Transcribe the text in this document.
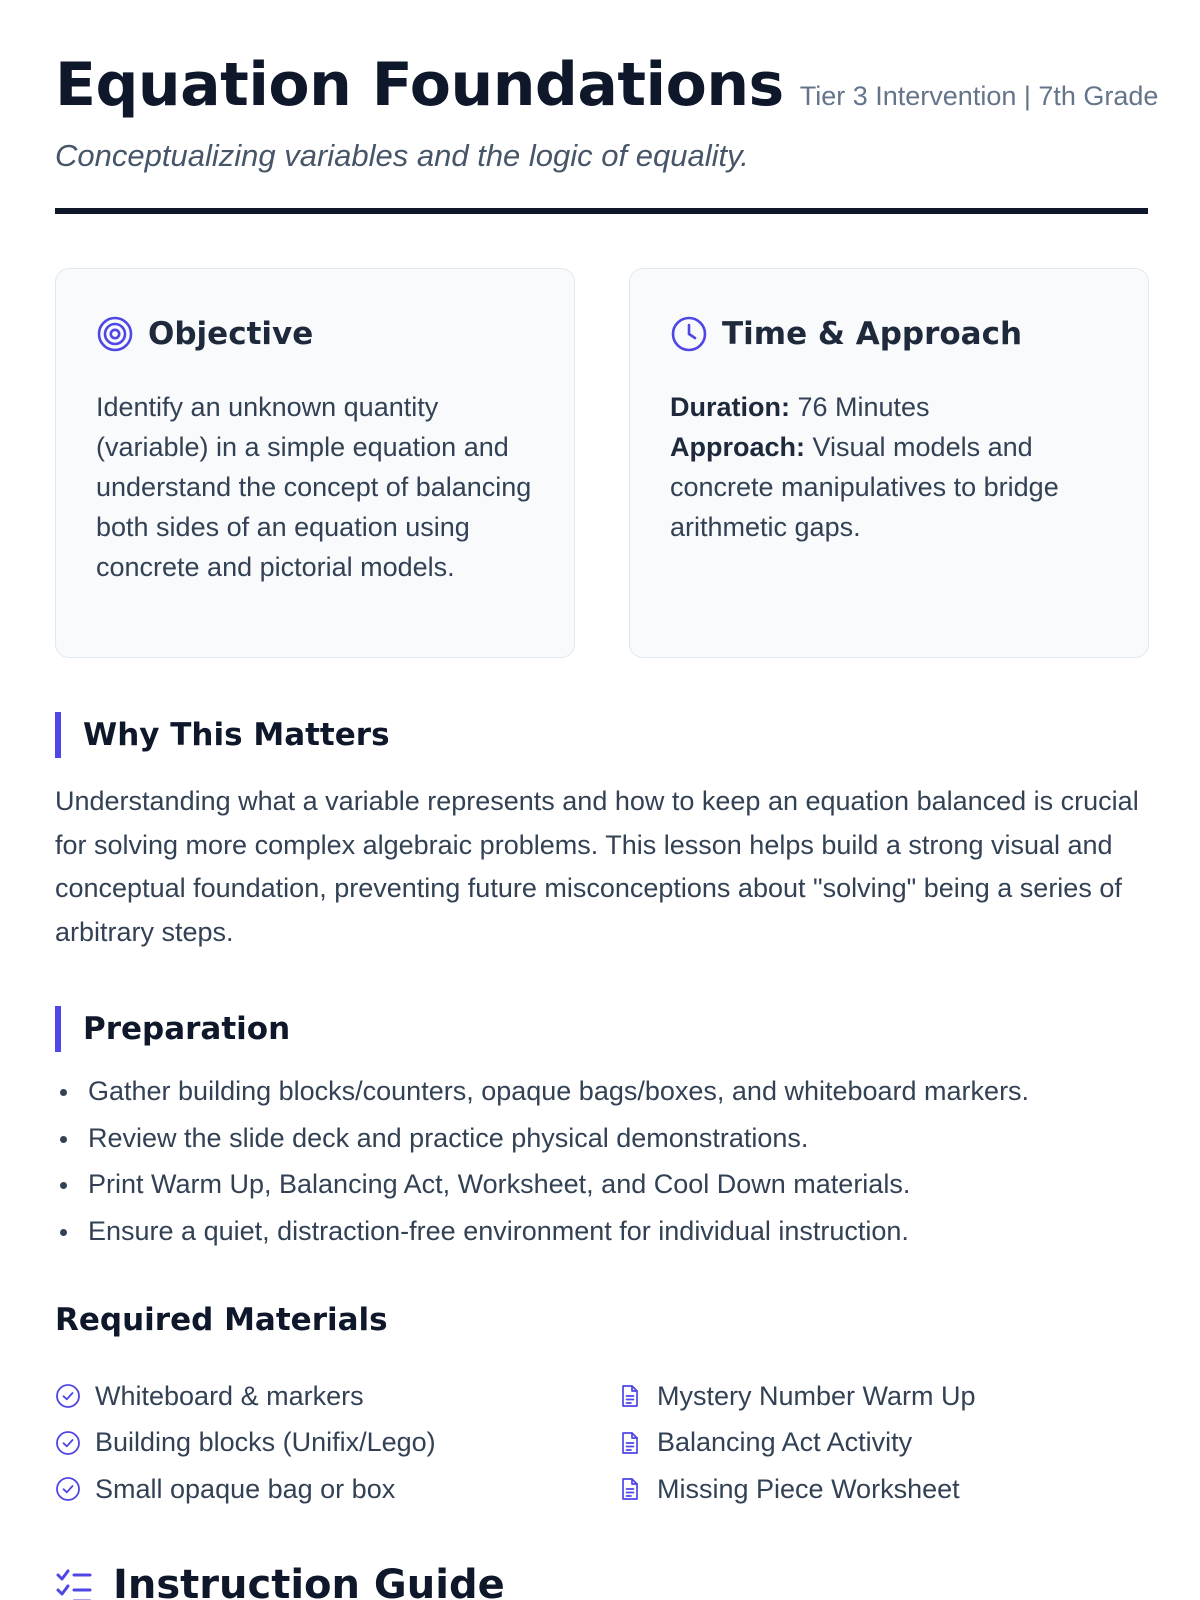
Equation Foundations Tier 3 Intervention | 7th Grade

Conceptualizing variables and the logic of equality.

Objective

Identify an unknown quantity (variable) in a simple equation and understand the concept of balancing both sides of an equation using concrete and pictorial models.

Time & Approach
Duration: 76 Minutes
Approach: Visual models and concrete manipulatives to bridge arithmetic gaps.
Why This Matters

Understanding what a variable represents and how to keep an equation balanced is crucial for solving more complex algebraic problems. This lesson helps build a strong visual and conceptual foundation, preventing future misconceptions about "solving" being a series of arbitrary steps.

Preparation
Gather building blocks/counters, opaque bags/boxes, and whiteboard markers.
Review the slide deck and practice physical demonstrations.
Print Warm Up, Balancing Act, Worksheet, and Cool Down materials.
Ensure a quiet, distraction-free environment for individual instruction.
Required Materials
Whiteboard & markers
Building blocks (Unifix/Lego)
Small opaque bag or box
Mystery Number Warm Up
Balancing Act Activity
Missing Piece Worksheet
Instruction Guide
